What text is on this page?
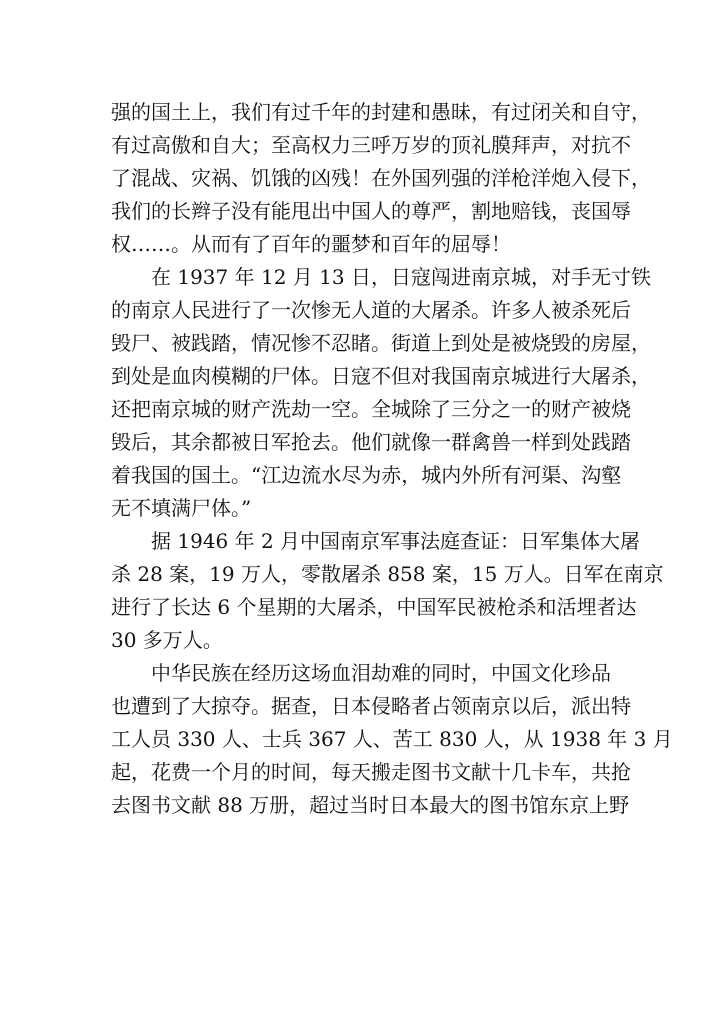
强的国土上，我们有过千年的封建和愚昧，有过闭关和自守，
有过高傲和自大；至高权力三呼万岁的顶礼膜拜声，对抗不
了混战、灾祸、饥饿的凶残！在外国列强的洋枪洋炮入侵下，
我们的长辫子没有能甩出中国人的尊严，割地赔钱，丧国辱
权……。从而有了百年的噩梦和百年的屈辱！
在 1937 年 12 月 13 日，日寇闯进南京城，对手无寸铁
的南京人民进行了一次惨无人道的大屠杀。许多人被杀死后
毁尸、被践踏，情况惨不忍睹。街道上到处是被烧毁的房屋，
到处是血肉模糊的尸体。日寇不但对我国南京城进行大屠杀，
还把南京城的财产洗劫一空。全城除了三分之一的财产被烧
毁后，其余都被日军抢去。他们就像一群禽兽一样到处践踏
着我国的国土。“江边流水尽为赤，城内外所有河渠、沟壑
无不填满尸体。”
据 1946 年 2 月中国南京军事法庭查证：日军集体大屠
杀 28 案，19 万人，零散屠杀 858 案，15 万人。日军在南京
进行了长达 6 个星期的大屠杀，中国军民被枪杀和活埋者达
30 多万人。
中华民族在经历这场血泪劫难的同时，中国文化珍品
也遭到了大掠夺。据查，日本侵略者占领南京以后，派出特
工人员 330 人、士兵 367 人、苦工 830 人，从 1938 年 3 月
起，花费一个月的时间，每天搬走图书文献十几卡车，共抢
去图书文献 88 万册，超过当时日本最大的图书馆东京上野
